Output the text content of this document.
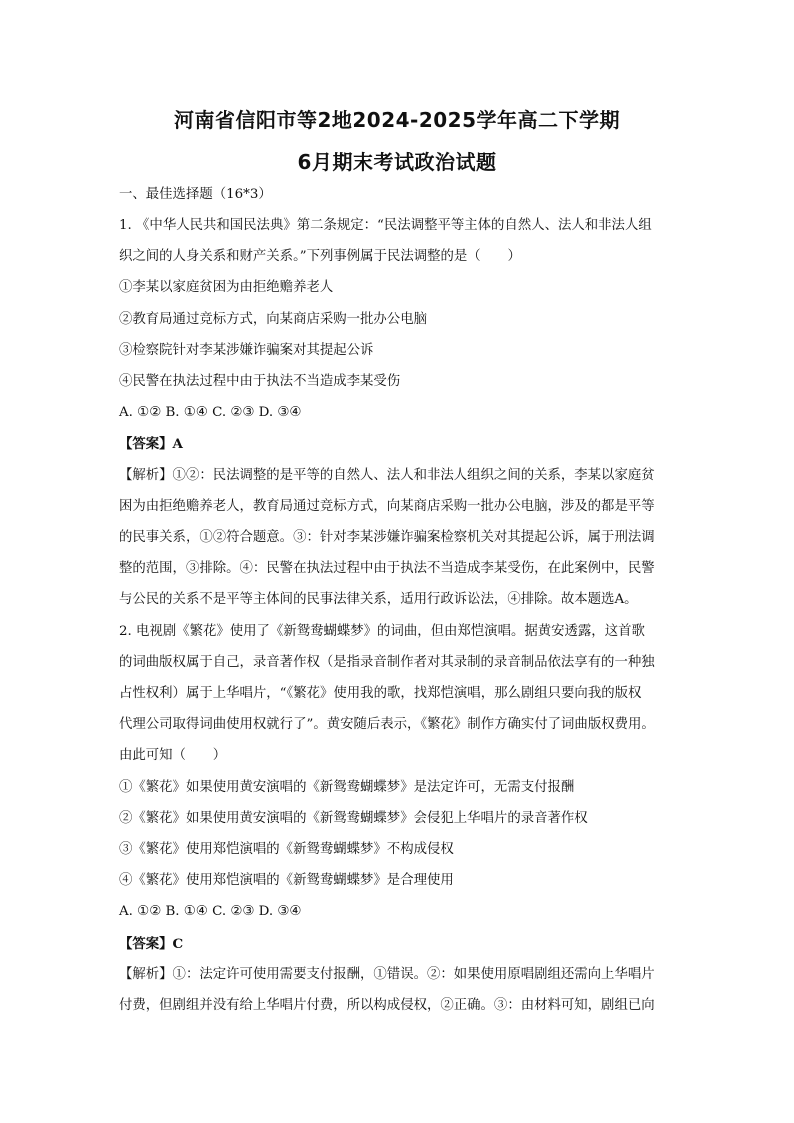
河南省信阳市等2地2024-2025学年高二下学期
6月期末考试政治试题
一、最佳选择题（16*3）
1. 《中华人民共和国民法典》第二条规定：“民法调整平等主体的自然人、法人和非法人组
织之间的人身关系和财产关系。”下列事例属于民法调整的是（　　）
①李某以家庭贫困为由拒绝赡养老人
②教育局通过竞标方式，向某商店采购一批办公电脑
③检察院针对李某涉嫌诈骗案对其提起公诉
④民警在执法过程中由于执法不当造成李某受伤
A. ①② B. ①④ C. ②③ D. ③④
【答案】A
【解析】①②：民法调整的是平等的自然人、法人和非法人组织之间的关系，李某以家庭贫
困为由拒绝赡养老人，教育局通过竞标方式，向某商店采购一批办公电脑，涉及的都是平等
的民事关系，①②符合题意。③：针对李某涉嫌诈骗案检察机关对其提起公诉，属于刑法调
整的范围，③排除。④：民警在执法过程中由于执法不当造成李某受伤，在此案例中，民警
与公民的关系不是平等主体间的民事法律关系，适用行政诉讼法，④排除。故本题选A。
2. 电视剧《繁花》使用了《新鸳鸯蝴蝶梦》的词曲，但由郑恺演唱。据黄安透露，这首歌
的词曲版权属于自己，录音著作权（是指录音制作者对其录制的录音制品依法享有的一种独
占性权利）属于上华唱片，“《繁花》使用我的歌，找郑恺演唱，那么剧组只要向我的版权
代理公司取得词曲使用权就行了”。黄安随后表示，《繁花》制作方确实付了词曲版权费用。
由此可知（　　）
①《繁花》如果使用黄安演唱的《新鸳鸯蝴蝶梦》是法定许可，无需支付报酬
②《繁花》如果使用黄安演唱的《新鸳鸯蝴蝶梦》会侵犯上华唱片的录音著作权
③《繁花》使用郑恺演唱的《新鸳鸯蝴蝶梦》不构成侵权
④《繁花》使用郑恺演唱的《新鸳鸯蝴蝶梦》是合理使用
A. ①② B. ①④ C. ②③ D. ③④
【答案】C
【解析】①：法定许可使用需要支付报酬，①错误。②：如果使用原唱剧组还需向上华唱片
付费，但剧组并没有给上华唱片付费，所以构成侵权，②正确。③：由材料可知，剧组已向
